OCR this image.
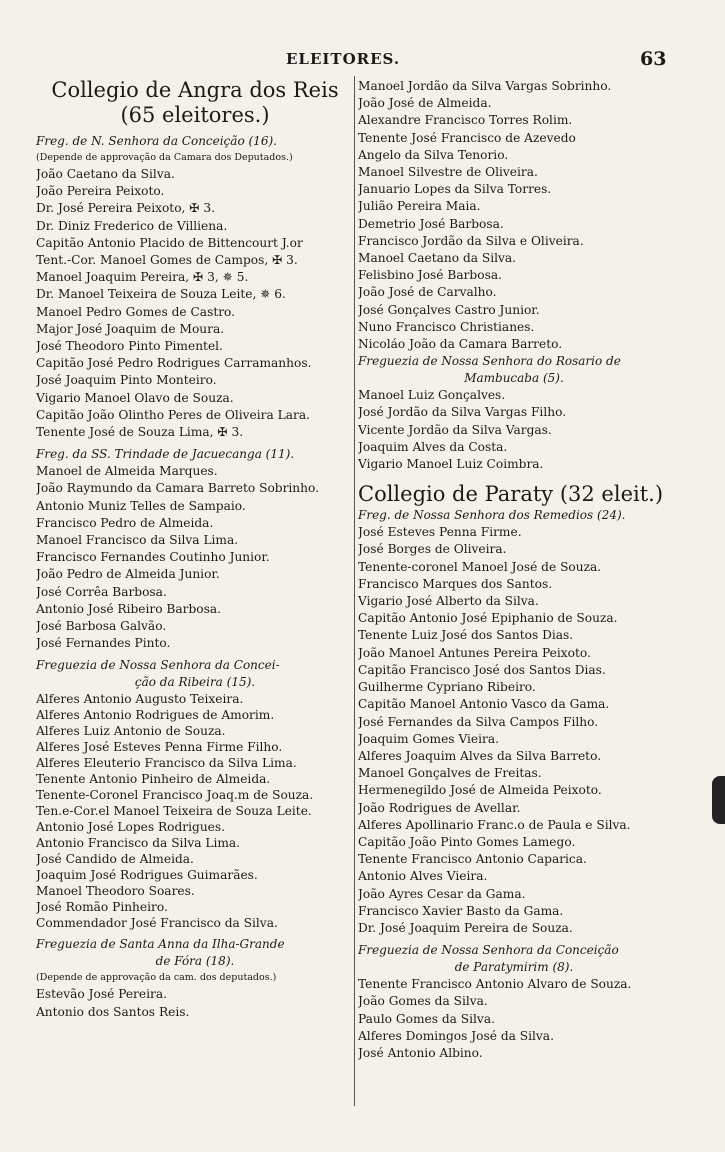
ELEITORES.	63
Collegio de Angra dos Reis
(65 eleitores.)
Freg. de N. Senhora da Conceição (16).
(Depende de approvação da Camara dos Deputados.)
João Caetano da Silva.
João Pereira Peixoto.
Dr. José Pereira Peixoto, ✠ 3.
Dr. Diniz Frederico de Villiena.
Capitão Antonio Placido de Bittencourt J.or
Tent.-Cor. Manoel Gomes de Campos, ✠ 3.
Manoel Joaquim Pereira, ✠ 3, ✵ 5.
Dr. Manoel Teixeira de Souza Leite, ✵ 6.
Manoel Pedro Gomes de Castro.
Major José Joaquim de Moura.
José Theodoro Pinto Pimentel.
Capitão José Pedro Rodrigues Carramanhos.
José Joaquim Pinto Monteiro.
Vigario Manoel Olavo de Souza.
Capitão João Olintho Peres de Oliveira Lara.
Tenente José de Souza Lima, ✠ 3.
Freg. da SS. Trindade de Jacuecanga (11).
Manoel de Almeida Marques.
João Raymundo da Camara Barreto Sobrinho.
Antonio Muniz Telles de Sampaio.
Francisco Pedro de Almeida.
Manoel Francisco da Silva Lima.
Francisco Fernandes Coutinho Junior.
João Pedro de Almeida Junior.
José Corrêa Barbosa.
Antonio José Ribeiro Barbosa.
José Barbosa Galvão.
José Fernandes Pinto.
Freguezia de Nossa Senhora da Concei-
ção da Ribeira (15).
Alferes Antonio Augusto Teixeira.
Alferes Antonio Rodrigues de Amorim.
Alferes Luiz Antonio de Souza.
Alferes José Esteves Penna Firme Filho.
Alferes Eleuterio Francisco da Silva Lima.
Tenente Antonio Pinheiro de Almeida.
Tenente-Coronel Francisco Joaq.m de Souza.
Ten.e-Cor.el Manoel Teixeira de Souza Leite.
Antonio José Lopes Rodrigues.
Antonio Francisco da Silva Lima.
José Candido de Almeida.
Joaquim José Rodrigues Guimarães.
Manoel Theodoro Soares.
José Romão Pinheiro.
Commendador José Francisco da Silva.
Freguezia de Santa Anna da Ilha-Grande
de Fóra (18).
(Depende de approvação da cam. dos deputados.)
Estevão José Pereira.
Antonio dos Santos Reis.
Manoel Jordão da Silva Vargas Sobrinho.
João José de Almeida.
Alexandre Francisco Torres Rolim.
Tenente José Francisco de Azevedo
Angelo da Silva Tenorio.
Manoel Silvestre de Oliveira.
Januario Lopes da Silva Torres.
Julião Pereira Maia.
Demetrio José Barbosa.
Francisco Jordão da Silva e Oliveira.
Manoel Caetano da Silva.
Felisbino José Barbosa.
João José de Carvalho.
José Gonçalves Castro Junior.
Nuno Francisco Christianes.
Nicoláo João da Camara Barreto.
Freguezia de Nossa Senhora do Rosario de
Mambucaba (5).
Manoel Luiz Gonçalves.
José Jordão da Silva Vargas Filho.
Vicente Jordão da Silva Vargas.
Joaquim Alves da Costa.
Vigario Manoel Luiz Coimbra.
Collegio de Paraty (32 eleit.)
Freg. de Nossa Senhora dos Remedios (24).
José Esteves Penna Firme.
José Borges de Oliveira.
Tenente-coronel Manoel José de Souza.
Francisco Marques dos Santos.
Vigario José Alberto da Silva.
Capitão Antonio José Epiphanio de Souza.
Tenente Luiz José dos Santos Dias.
João Manoel Antunes Pereira Peixoto.
Capitão Francisco José dos Santos Dias.
Guilherme Cypriano Ribeiro.
Capitão Manoel Antonio Vasco da Gama.
José Fernandes da Silva Campos Filho.
Joaquim Gomes Vieira.
Alferes Joaquim Alves da Silva Barreto.
Manoel Gonçalves de Freitas.
Hermenegildo José de Almeida Peixoto.
João Rodrigues de Avellar.
Alferes Apollinario Franc.o de Paula e Silva.
Capitão João Pinto Gomes Lamego.
Tenente Francisco Antonio Caparica.
Antonio Alves Vieira.
João Ayres Cesar da Gama.
Francisco Xavier Basto da Gama.
Dr. José Joaquim Pereira de Souza.
Freguezia de Nossa Senhora da Conceição
de Paratymirim (8).
Tenente Francisco Antonio Alvaro de Souza.
João Gomes da Silva.
Paulo Gomes da Silva.
Alferes Domingos José da Silva.
José Antonio Albino.
